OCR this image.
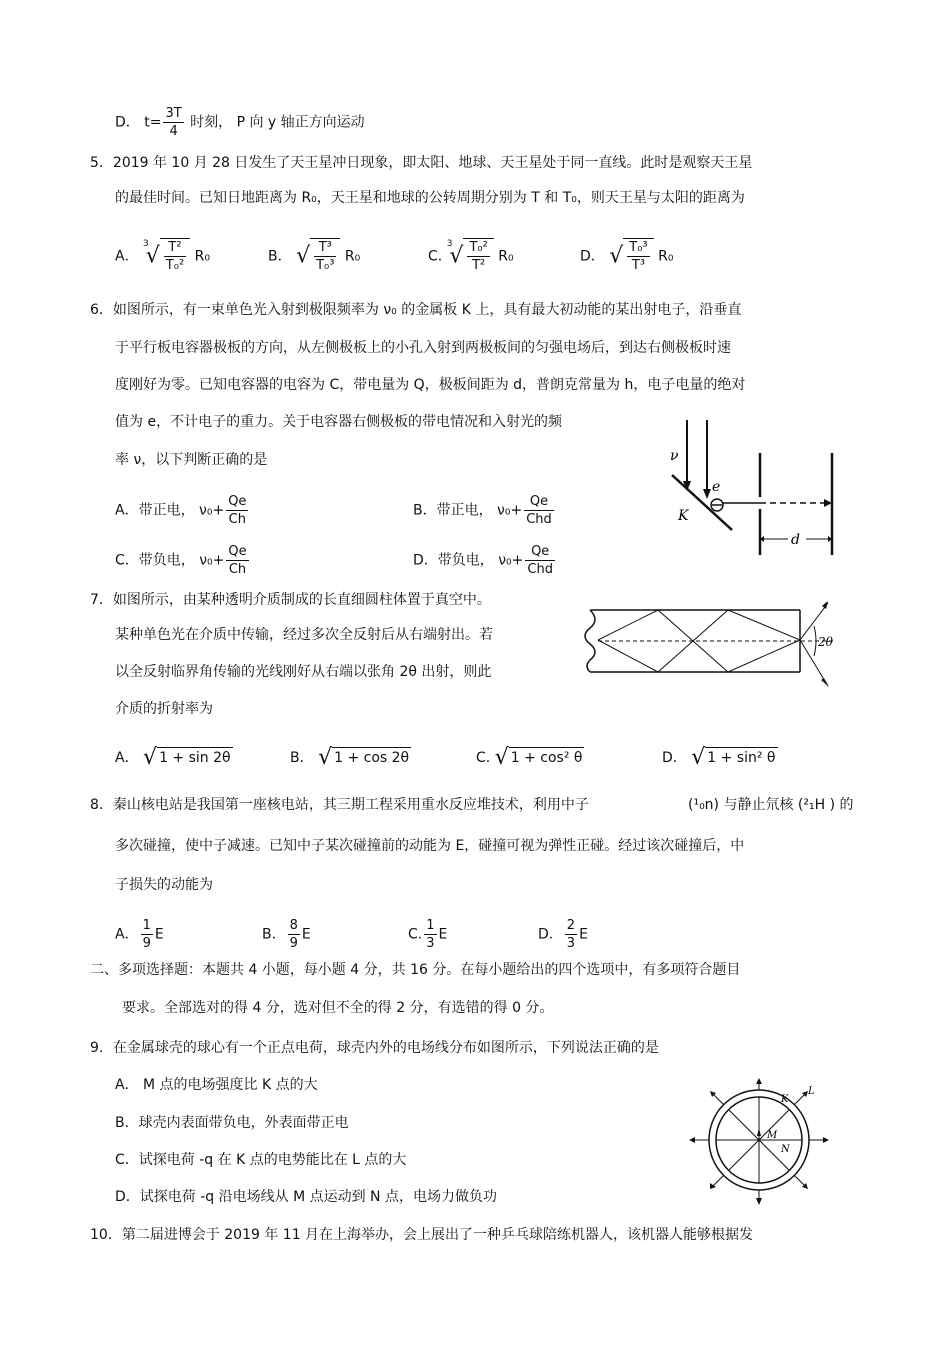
D． $t= \frac{3T}{4}$ 时刻， P 向 y 轴正方向运动
5．2019 年 10 月 28 日发生了天王星冲日现象，即太阳、地球、天王星处于同一直线。此时是观察天王星
的最佳时间。已知日地距离为 R₀，天王星和地球的公转周期分别为 T 和 T₀，则天王星与太阳的距离为
A． $^3√ \frac{\text{T²}}{\text{T₀²}} R_0$	B． √ $\frac{\text{T³}}{\text{T₀³}} R_0$	C. $^3√ \frac{\text{T₀²}}{\text{T²}} R_0$	D． √ $\frac{\text{T₀³}}{\text{T³}} R_0$
6．如图所示，有一束单色光入射到极限频率为 ν₀ 的金属板 K 上，具有最大初动能的某出射电子，沿垂直
于平行板电容器极板的方向，从左侧极板上的小孔入射到两极板间的匀强电场后，到达右侧极板时速
度刚好为零。已知电容器的电容为 C，带电量为 Q，极板间距为 d，普朗克常量为 h，电子电量的绝对
值为 e，不计电子的重力。关于电容器右侧极板的带电情况和入射光的频
率 ν，以下判断正确的是
A．带正电， $\nu_0+ \frac{Qe}{Ch}$	B．带正电， $\nu_0+ \frac{Qe}{\text{Chd}}$
C．带负电， $\nu_0+ \frac{Qe}{Ch}$	D．带负电， $\nu_0+ \frac{Qe}{\text{Chd}}$
ν
e
K
d
7．如图所示，由某种透明介质制成的长直细圆柱体置于真空中。
某种单色光在介质中传输，经过多次全反射后从右端射出。若
以全反射临界角传输的光线刚好从右端以张角 2θ 出射，则此
介质的折射率为
2θ
A． √ 1 + sin 2θ	B． √ 1 + cos 2θ	C. √ 1 + cos² θ	D． √ 1 + sin² θ
8．秦山核电站是我国第一座核电站，其三期工程采用重水反应堆技术，利用中子	(¹₀n) 与静止氘核 (²₁H ) 的
多次碰撞，使中子减速。已知中子某次碰撞前的动能为 E，碰撞可视为弹性正碰。经过该次碰撞后，中
子损失的动能为
A． $\frac{1}{9}$ E	B． $\frac{8}{9}$ E	C. $\frac{1}{3}$ E	D． $\frac{2}{3}$ E
二、多项选择题：本题共 4 小题，每小题 4 分，共 16 分。在每小题给出的四个选项中，有多项符合题目
要求。全部选对的得 4 分，选对但不全的得 2 分，有选错的得 0 分。
9．在金属球壳的球心有一个正点电荷，球壳内外的电场线分布如图所示，下列说法正确的是
A． M 点的电场强度比 K 点的大
B．球壳内表面带负电，外表面带正电
C．试探电荷 -q 在 K 点的电势能比在 L 点的大
D．试探电荷 -q 沿电场线从 M 点运动到 N 点，电场力做负功
K
L
M
N
10．第二届进博会于 2019 年 11 月在上海举办，会上展出了一种乒乓球陪练机器人，该机器人能够根据发
